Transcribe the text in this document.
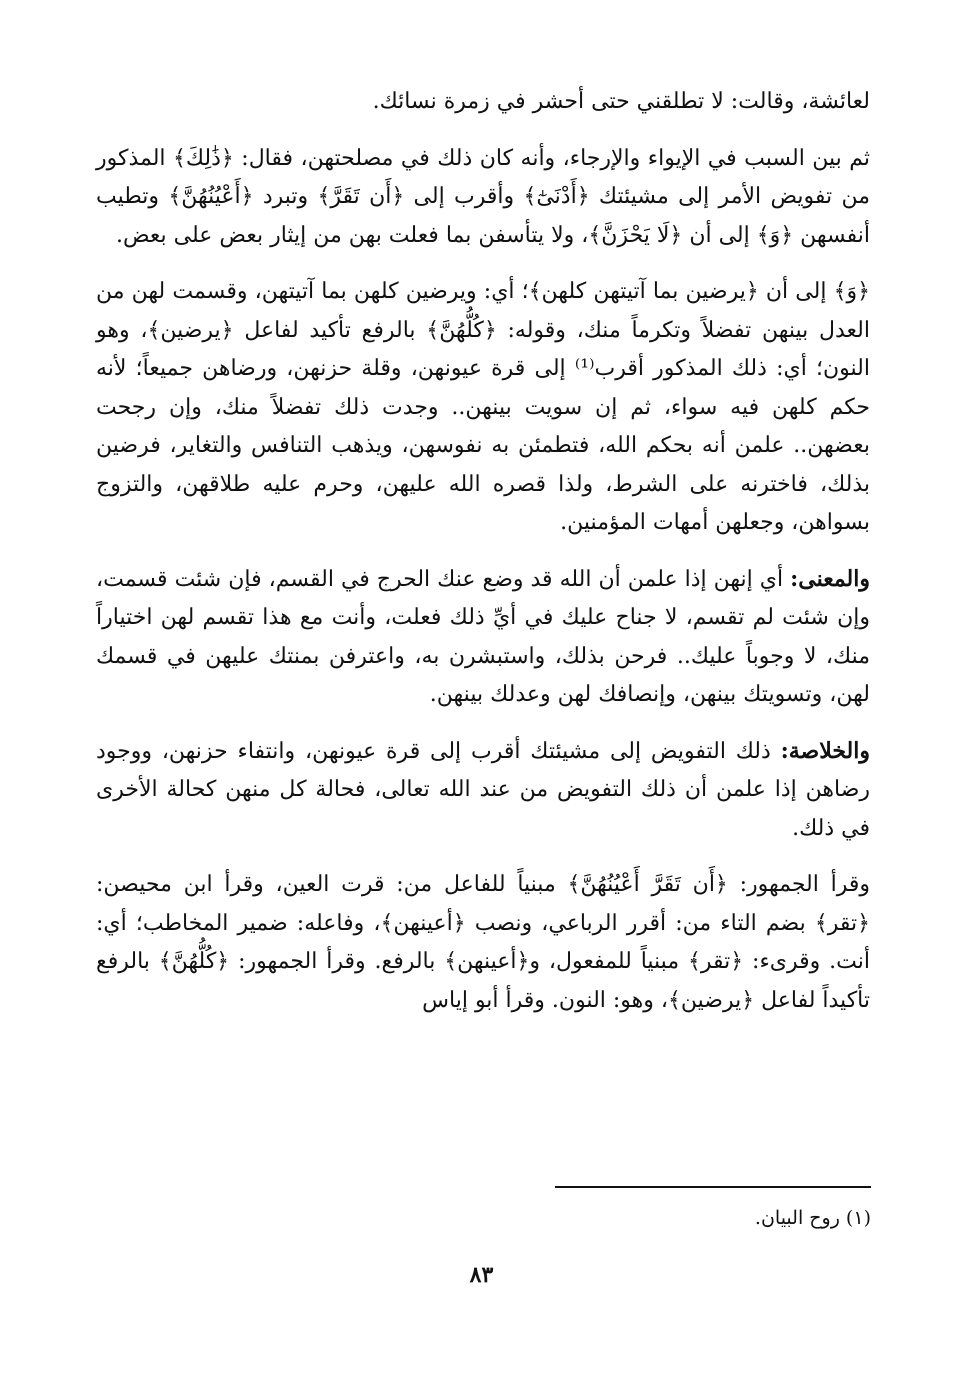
لعائشة، وقالت: لا تطلقني حتى أحشر في زمرة نسائك.

ثم بين السبب في الإيواء والإرجاء، وأنه كان ذلك في مصلحتهن، فقال: ﴿ذَٰلِكَ﴾ المذكور من تفويض الأمر إلى مشيئتك ﴿أَدْنَىٰٓ﴾ وأقرب إلى ﴿أَن تَقَرَّ﴾ وتبرد ﴿أَعْيُنُهُنَّ﴾ وتطيب أنفسهن ﴿وَ﴾ إلى أن ﴿لَا يَحْزَنَّ﴾، ولا يتأسفن بما فعلت بهن من إيثار بعض على بعض.

﴿وَ﴾ إلى أن ﴿يرضين بما آتيتهن كلهن﴾؛ أي: ويرضين كلهن بما آتيتهن، وقسمت لهن من العدل بينهن تفضلاً وتكرماً منك، وقوله: ﴿كُلُّهُنَّ﴾ بالرفع تأكيد لفاعل ﴿يرضين﴾، وهو النون؛ أي: ذلك المذكور أقرب⁽¹⁾ إلى قرة عيونهن، وقلة حزنهن، ورضاهن جميعاً؛ لأنه حكم كلهن فيه سواء، ثم إن سويت بينهن.. وجدت ذلك تفضلاً منك، وإن رجحت بعضهن.. علمن أنه بحكم الله، فتطمئن به نفوسهن، ويذهب التنافس والتغاير، فرضين بذلك، فاخترنه على الشرط، ولذا قصره الله عليهن، وحرم عليه طلاقهن، والتزوج بسواهن، وجعلهن أمهات المؤمنين.

والمعنى: أي إنهن إذا علمن أن الله قد وضع عنك الحرج في القسم، فإن شئت قسمت، وإن شئت لم تقسم، لا جناح عليك في أيِّ ذلك فعلت، وأنت مع هذا تقسم لهن اختياراً منك، لا وجوباً عليك.. فرحن بذلك، واستبشرن به، واعترفن بمنتك عليهن في قسمك لهن، وتسويتك بينهن، وإنصافك لهن وعدلك بينهن.

والخلاصة: ذلك التفويض إلى مشيئتك أقرب إلى قرة عيونهن، وانتفاء حزنهن، ووجود رضاهن إذا علمن أن ذلك التفويض من عند الله تعالى، فحالة كل منهن كحالة الأخرى في ذلك.

وقرأ الجمهور: ﴿أَن تَقَرَّ أَعْيُنُهُنَّ﴾ مبنياً للفاعل من: قرت العين، وقرأ ابن محيصن: ﴿تقر﴾ بضم التاء من: أقرر الرباعي، ونصب ﴿أعينهن﴾، وفاعله: ضمير المخاطب؛ أي: أنت. وقرىء: ﴿تقر﴾ مبنياً للمفعول، و﴿أعينهن﴾ بالرفع. وقرأ الجمهور: ﴿كُلُّهُنَّ﴾ بالرفع تأكيداً لفاعل ﴿يرضين﴾، وهو: النون. وقرأ أبو إياس

(١) روح البيان.
٨٣
